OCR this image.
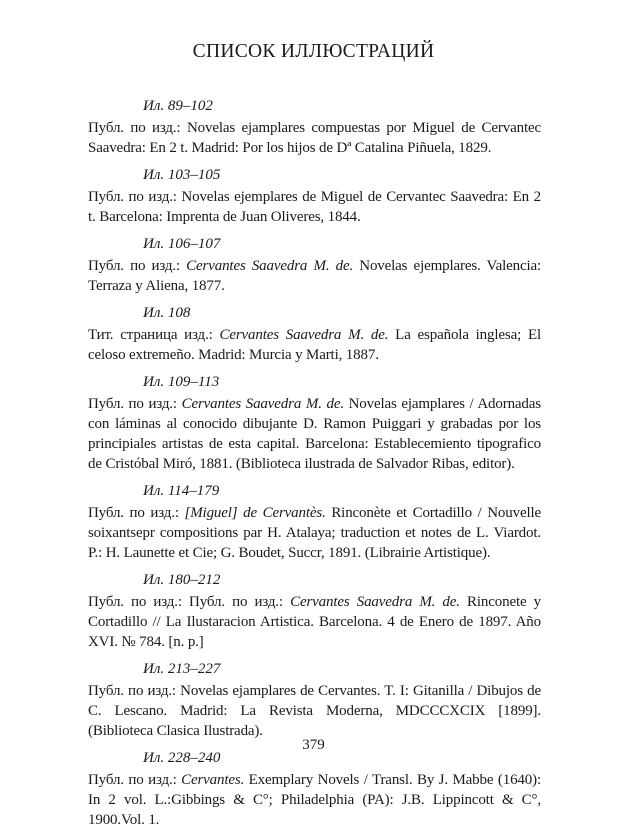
СПИСОК ИЛЛЮСТРАЦИЙ
Ил. 89–102
Публ. по изд.: Novelas ejamplares compuestas por Miguel de Cervantec Saavedra: En 2 t. Madrid: Por los hijos de Dª Catalina Piñuela, 1829.
Ил. 103–105
Публ. по изд.: Novelas ejemplares de Miguel de Cervantec Saavedra: En 2 t. Barcelona: Imprenta de Juan Oliveres, 1844.
Ил. 106–107
Публ. по изд.: Cervantes Saavedra M. de. Novelas ejemplares. Valencia: Terraza y Aliena, 1877.
Ил. 108
Тит. страница изд.: Cervantes Saavedra M. de. La española inglesa; El celoso extremeño. Madrid: Murcia y Marti, 1887.
Ил. 109–113
Публ. по изд.: Cervantes Saavedra M. de. Novelas ejamplares / Adornadas con láminas al conocido dibujante D. Ramon Puiggari y grabadas por los principiales artistas de esta capital. Barcelona: Establecemiento tipografico de Cristóbal Miró, 1881. (Biblioteca ilustrada de Salvador Ribas, editor).
Ил. 114–179
Публ. по изд.: [Miguel] de Cervantès. Rinconète et Cortadillo / Nouvelle soixantsepr compositions par H. Atalaya; traduction et notes de L. Viardot. P.: H. Launette et Cie; G. Boudet, Succr, 1891. (Librairie Artistique).
Ил. 180–212
Публ. по изд.: Публ. по изд.: Cervantes Saavedra M. de. Rinconete y Cortadillo // La Ilustaracion Artistica. Barcelona. 4 de Enero de 1897. Año XVI. № 784. [n. p.]
Ил. 213–227
Публ. по изд.: Novelas ejamplares de Cervantes. T. I: Gitanilla / Dibujos de C. Lescano. Madrid: La Revista Moderna, MDCCCXCIX [1899]. (Biblioteca Clasica Ilustrada).
Ил. 228–240
Публ. по изд.: Cervantes. Exemplary Novels / Transl. By J. Mabbe (1640): In 2 vol. L.:Gibbings & C°; Philadelphia (PA): J.B. Lippincott & C°, 1900.Vol. 1.
379
